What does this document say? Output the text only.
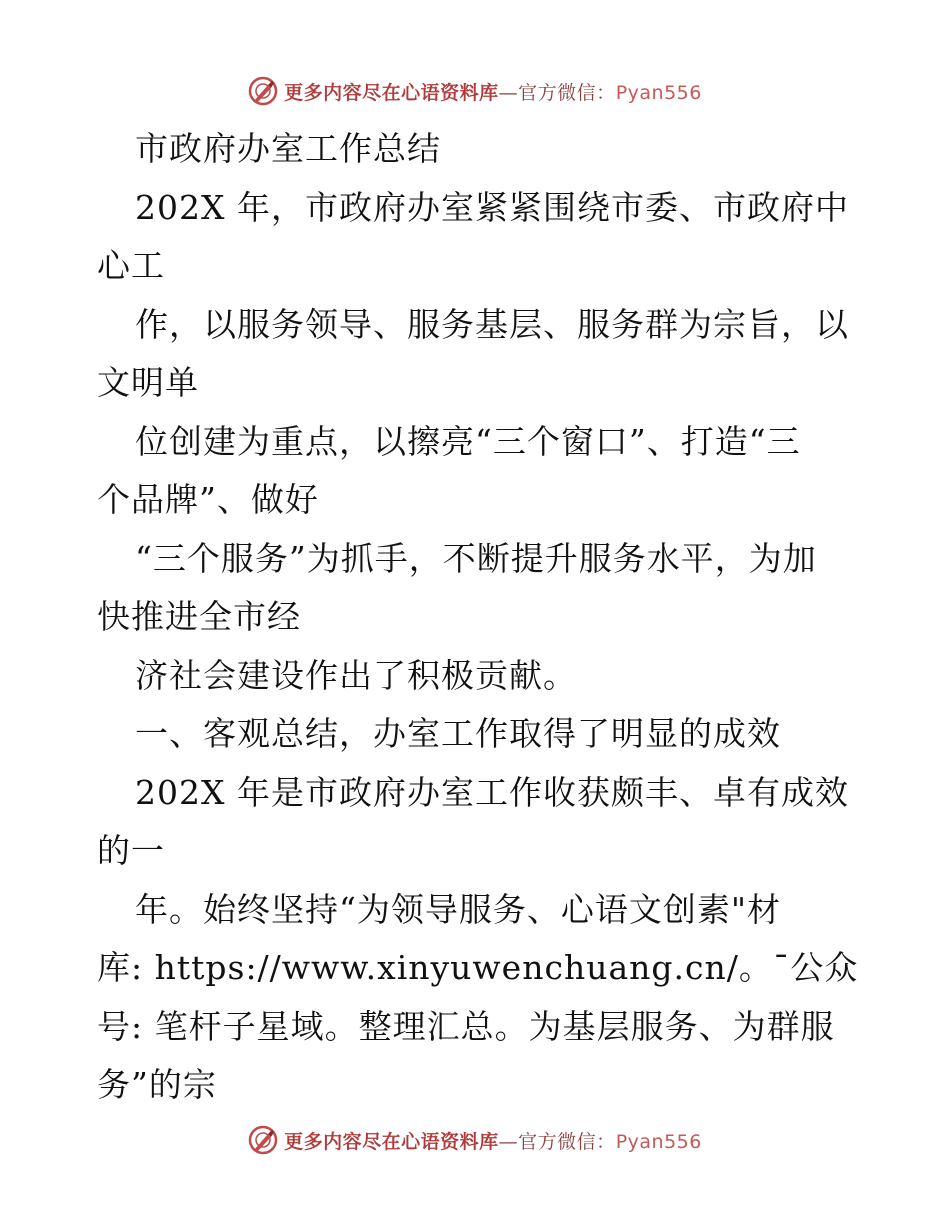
更多内容尽在心语资料库—官方微信：Pyan556
市政府办室工作总结
202X 年，市政府办室紧紧围绕市委、市政府中
心工
作，以服务领导、服务基层、服务群为宗旨，以
文明单
位创建为重点，以擦亮“三个窗口”、打造“三
个品牌”、做好
“三个服务”为抓手，不断提升服务水平，为加
快推进全市经
济社会建设作出了积极贡献。
一、客观总结，办室工作取得了明显的成效
202X 年是市政府办室工作收获颇丰、卓有成效
的一
年。始终坚持“为领导服务、心语文创素"材
库: https://www.xinyuwenchuang.cn/。¯公众
号: 笔杆子星域。整理汇总。为基层服务、为群服
务”的宗
更多内容尽在心语资料库—官方微信：Pyan556
